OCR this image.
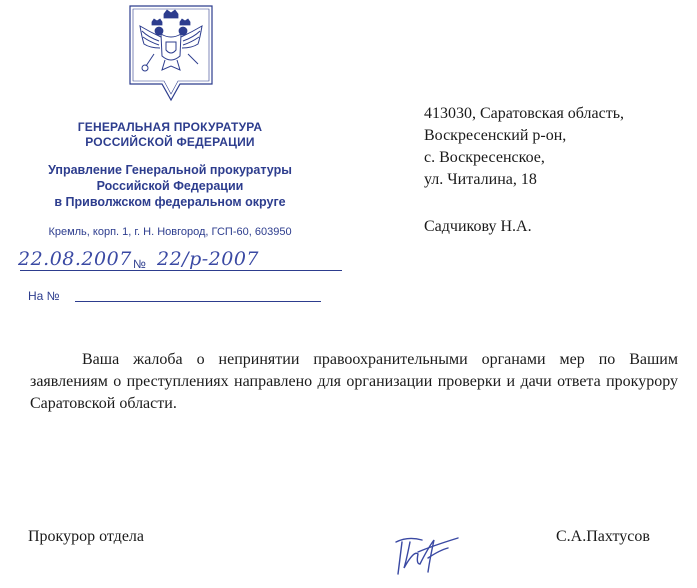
ГЕНЕРАЛЬНАЯ ПРОКУРАТУРА
РОССИЙСКОЙ ФЕДЕРАЦИИ
Управление Генеральной прокуратуры
Российской Федерации
в Приволжском федеральном округе
Кремль, корп. 1, г. Н. Новгород, ГСП-60, 603950
22.08.2007 № 22/р-2007
На №
413030, Саратовская область,
Воскресенский р-он,
с. Воскресенское,
ул. Читалина, 18
Садчикову Н.А.

Ваша жалоба о непринятии правоохранительными органами мер по Вашим заявлениям о преступлениях направлено для организации проверки и дачи ответа прокурору Саратовской области.

Прокурор отдела	С.А.Пахтусов
